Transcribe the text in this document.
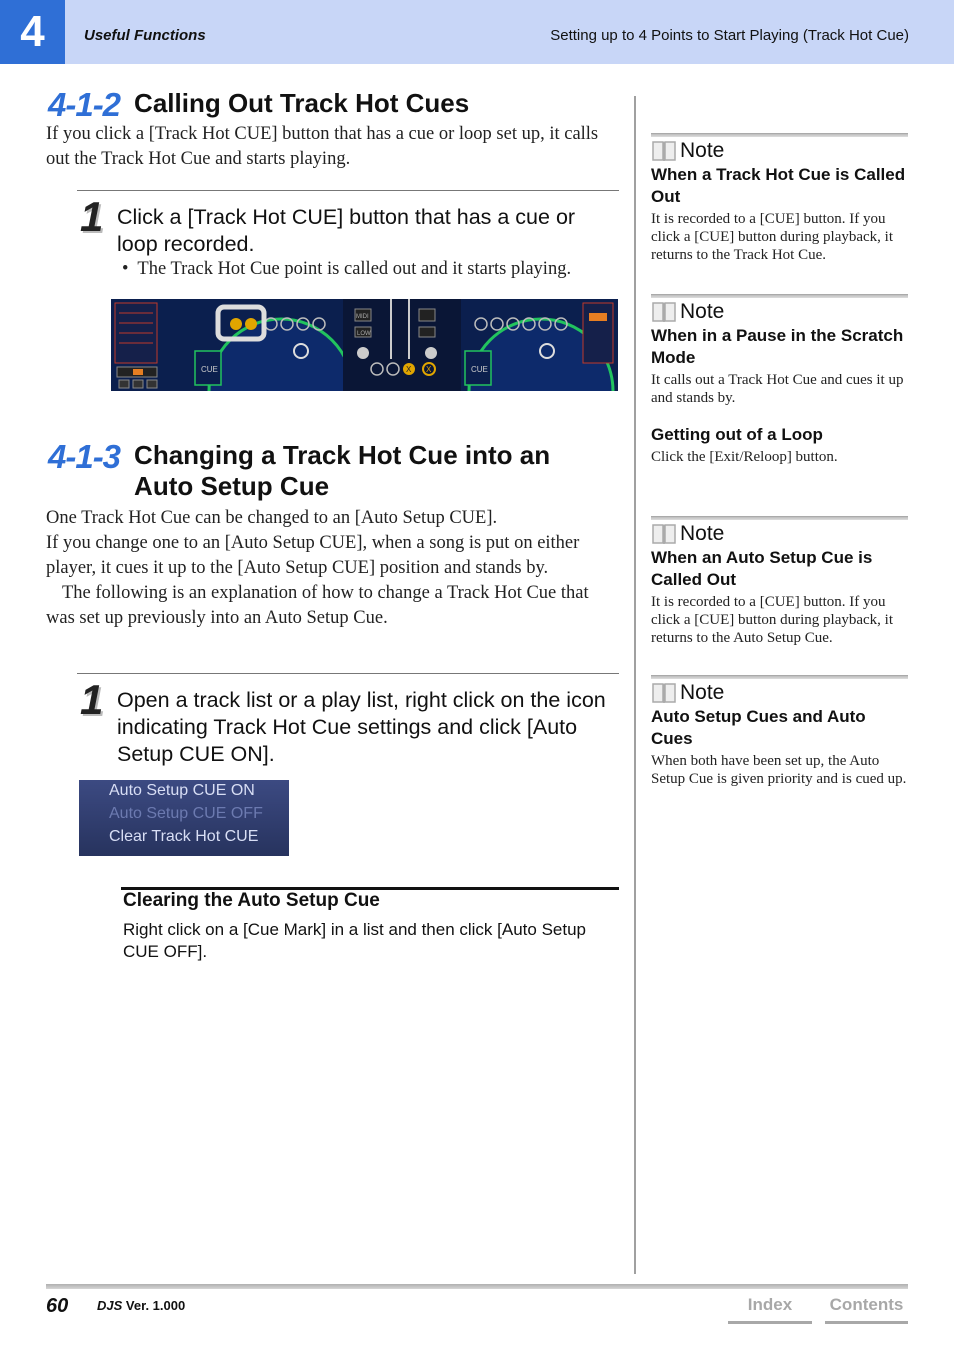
4	Useful Functions	Setting up to 4 Points to Start Playing (Track Hot Cue)
4-1-2 Calling Out Track Hot Cues

If you click a [Track Hot CUE] button that has a cue or loop set up, it calls out the Track Hot Cue and starts playing.

1 Click a [Track Hot CUE] button that has a cue or loop recorded.
•  The Track Hot Cue point is called out and it starts playing.
CUE
MIDI
LOW
X X	CUE
4-1-3 Changing a Track Hot Cue into an
Auto Setup Cue

One Track Hot Cue can be changed to an [Auto Setup CUE].

If you change one to an [Auto Setup CUE], when a song is put on either player, it cues it up to the [Auto Setup CUE] position and stands by.

The following is an explanation of how to change a Track Hot Cue that was set up previously into an Auto Setup Cue.

1 Open a track list or a play list, right click on the icon indicating Track Hot Cue settings and click [Auto Setup CUE ON].
Auto Setup CUE ON
Auto Setup CUE OFF
Clear Track Hot CUE
Clearing the Auto Setup Cue
Right click on a [Cue Mark] in a list and then click [Auto Setup CUE OFF].
Note
When a Track Hot Cue is Called Out
It is recorded to a [CUE] button. If you click a [CUE] button during playback, it returns to the Track Hot Cue.
Note
When in a Pause in the Scratch Mode
It calls out a Track Hot Cue and cues it up and stands by.
Getting out of a Loop
Click the [Exit/Reloop] button.
Note
When an Auto Setup Cue is Called Out
It is recorded to a [CUE] button. If you click a [CUE] button during playback, it returns to the Auto Setup Cue.
Note
Auto Setup Cues and Auto Cues
When both have been set up, the Auto Setup Cue is given priority and is cued up.
60 DJS Ver. 1.000	Index	Contents
